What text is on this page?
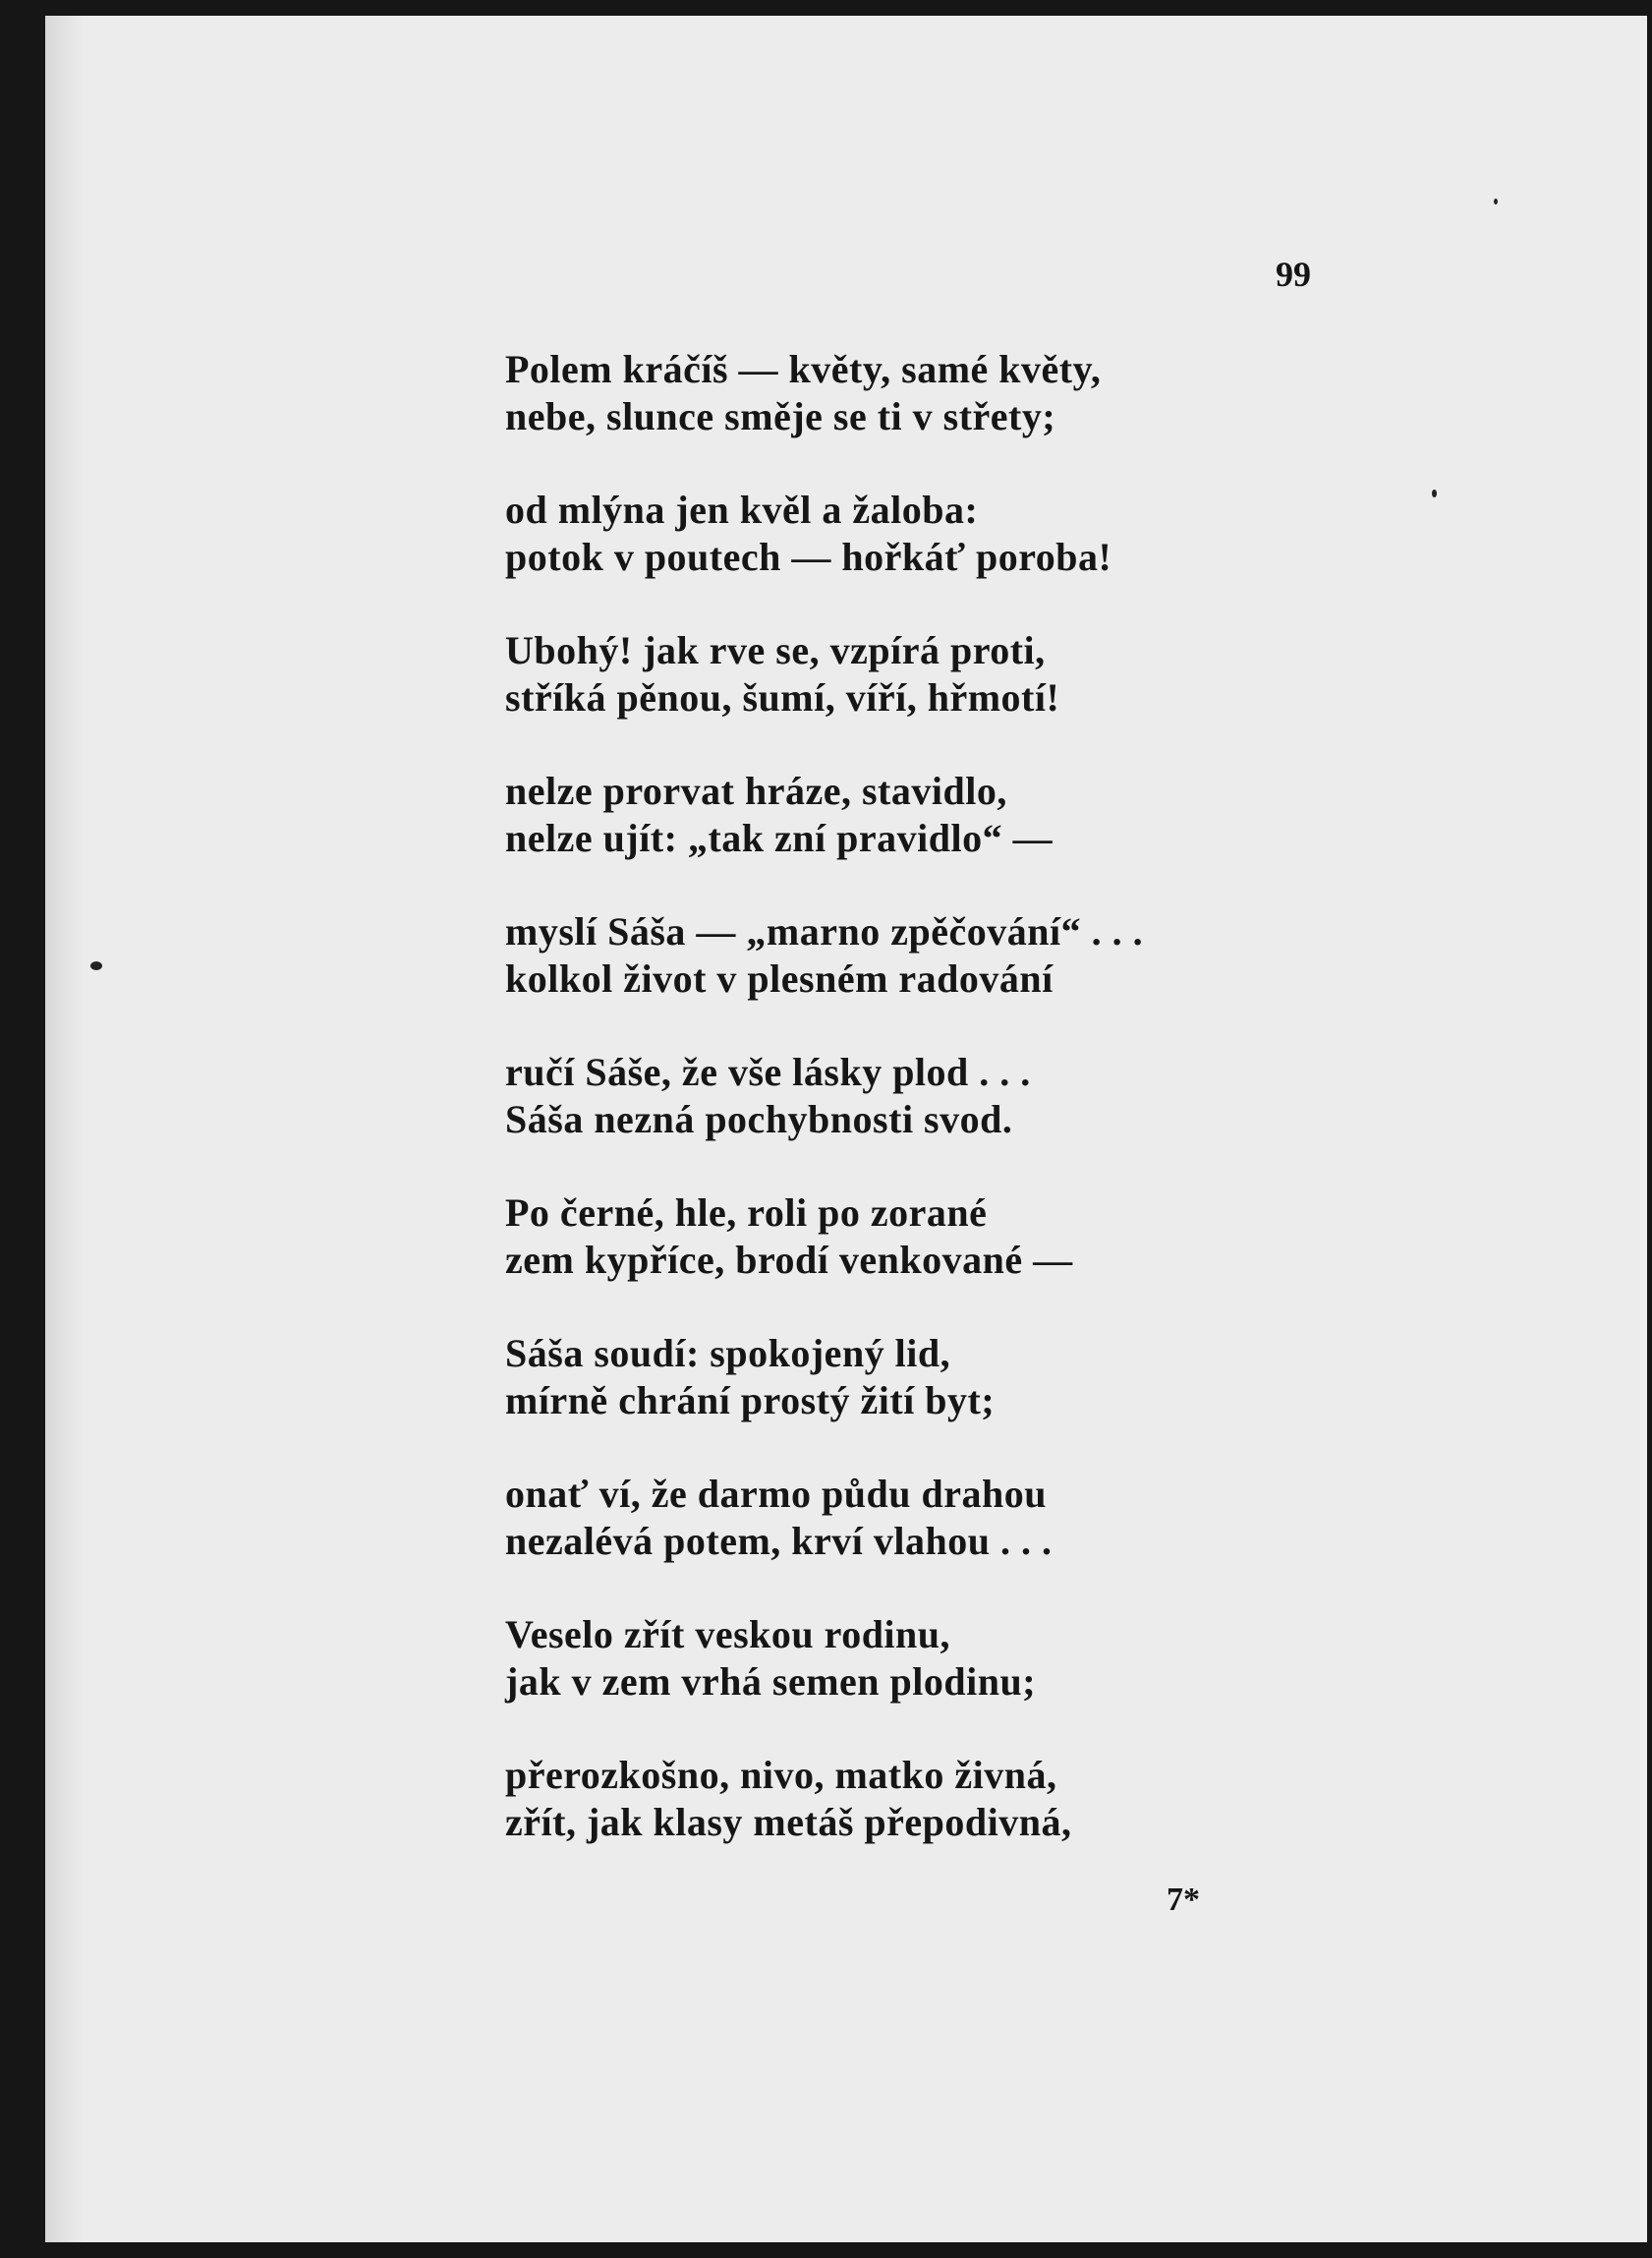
99
Polem kráčíš — květy, samé květy,
nebe, slunce směje se ti v střety;
od mlýna jen kvěl a žaloba:
potok v poutech — hořkáť poroba!
Ubohý! jak rve se, vzpírá proti,
stříká pěnou, šumí, víří, hřmotí!
nelze prorvat hráze, stavidlo,
nelze ujít: „tak zní pravidlo“ —
myslí Sáša — „marno zpěčování“ . . .
kolkol život v plesném radování
ručí Sáše, že vše lásky plod . . .
Sáša nezná pochybnosti svod.
Po černé, hle, roli po zorané
zem kypříce, brodí venkované —
Sáša soudí: spokojený lid,
mírně chrání prostý žití byt;
onať ví, že darmo půdu drahou
nezalévá potem, krví vlahou . . .
Veselo zřít veskou rodinu,
jak v zem vrhá semen plodinu;
přerozkošno, nivo, matko živná,
zřít, jak klasy metáš přepodivná,
7*
